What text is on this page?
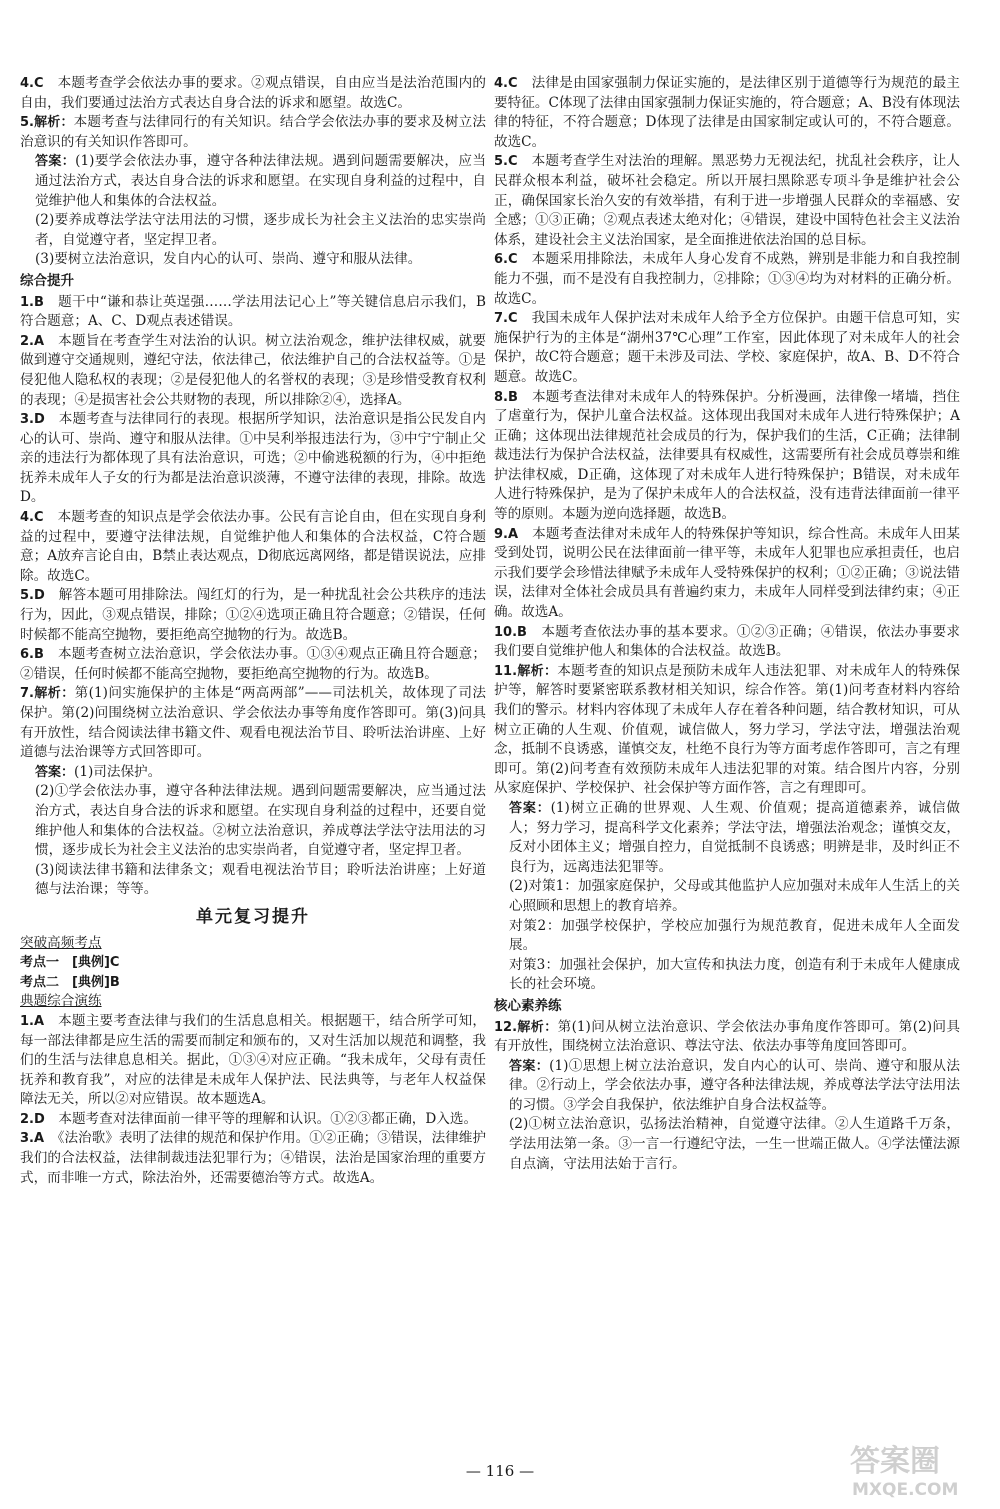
4.C　 本题考查学会依法办事的要求。②观点错误，自由应当是法治范围内的自由，我们要通过法治方式表达自身合法的诉求和愿望。故选C。

5.解析：本题考查与法律同行的有关知识。结合学会依法办事的要求及树立法治意识的有关知识作答即可。

答案：(1)要学会依法办事，遵守各种法律法规。遇到问题需要解决，应当通过法治方式，表达自身合法的诉求和愿望。在实现自身利益的过程中，自觉维护他人和集体的合法权益。

(2)要养成尊法学法守法用法的习惯，逐步成长为社会主义法治的忠实崇尚者，自觉遵守者，坚定捍卫者。

(3)要树立法治意识，发自内心的认可、崇尚、遵守和服从法律。

综合提升

1.B　 题干中“谦和恭让英逞强……学法用法记心上”等关键信息启示我们，B符合题意；A、C、D观点表述错误。

2.A　 本题旨在考查学生对法治的认识。树立法治观念，维护法律权威，就要做到遵守交通规则，遵纪守法，依法律己，依法维护自己的合法权益等。①是侵犯他人隐私权的表现；②是侵犯他人的名誉权的表现；③是珍惜受教育权利的表现；④是损害社会公共财物的表现，所以排除②④，选择A。

3.D　 本题考查与法律同行的表现。根据所学知识，法治意识是指公民发自内心的认可、崇尚、遵守和服从法律。①中吴利举报违法行为，③中宁宁制止父亲的违法行为都体现了具有法治意识，可选；②中偷逃税额的行为，④中拒绝抚养未成年人子女的行为都是法治意识淡薄，不遵守法律的表现，排除。故选D。

4.C　 本题考查的知识点是学会依法办事。公民有言论自由，但在实现自身利益的过程中，要遵守法律法规，自觉维护他人和集体的合法权益，C符合题意；A放弃言论自由，B禁止表达观点，D彻底远离网络，都是错误说法，应排除。故选C。

5.D　 解答本题可用排除法。闯红灯的行为，是一种扰乱社会公共秩序的违法行为，因此，③观点错误，排除；①②④选项正确且符合题意；②错误，任何时候都不能高空抛物，要拒绝高空抛物的行为。故选B。

6.B　 本题考查树立法治意识，学会依法办事。①③④观点正确且符合题意；②错误，任何时候都不能高空抛物，要拒绝高空抛物的行为。故选B。

7.解析：第(1)问实施保护的主体是“两高两部”——司法机关，故体现了司法保护。第(2)问围绕树立法治意识、学会依法办事等角度作答即可。第(3)问具有开放性，结合阅读法律书籍文件、观看电视法治节目、聆听法治讲座、上好道德与法治课等方式回答即可。

答案：(1)司法保护。

(2)①学会依法办事，遵守各种法律法规。遇到问题需要解决，应当通过法治方式，表达自身合法的诉求和愿望。在实现自身利益的过程中，还要自觉维护他人和集体的合法权益。②树立法治意识，养成尊法学法守法用法的习惯，逐步成长为社会主义法治的忠实崇尚者，自觉遵守者，坚定捍卫者。

(3)阅读法律书籍和法律条文；观看电视法治节目；聆听法治讲座；上好道德与法治课；等等。

单元复习提升

突破高频考点

考点一　[典例]C

考点二　[典例]B

典题综合演练

1.A　 本题主要考查法律与我们的生活息息相关。根据题干，结合所学可知，每一部法律都是应生活的需要而制定和颁布的，又对生活加以规范和调整，我们的生活与法律息息相关。据此，①③④对应正确。“我未成年，父母有责任抚养和教育我”，对应的法律是未成年人保护法、民法典等，与老年人权益保障法无关，所以②对应错误。故本题选A。

2.D　 本题考查对法律面前一律平等的理解和认识。①②③都正确，D入选。

3.A　 《法治歌》表明了法律的规范和保护作用。①②正确；③错误，法律维护我们的合法权益，法律制裁违法犯罪行为；④错误，法治是国家治理的重要方式，而非唯一方式，除法治外，还需要德治等方式。故选A。

4.C　 法律是由国家强制力保证实施的，是法律区别于道德等行为规范的最主要特征。C体现了法律由国家强制力保证实施的，符合题意；A、B没有体现法律的特征，不符合题意；D体现了法律是由国家制定或认可的，不符合题意。故选C。

5.C　 本题考查学生对法治的理解。黑恶势力无视法纪，扰乱社会秩序，让人民群众根本利益，破坏社会稳定。所以开展扫黑除恶专项斗争是维护社会公正，确保国家长治久安的有效举措，有利于进一步增强人民群众的幸福感、安全感；①③正确；②观点表述太绝对化；④错误，建设中国特色社会主义法治体系，建设社会主义法治国家，是全面推进依法治国的总目标。

6.C　 本题采用排除法，未成年人身心发育不成熟，辨别是非能力和自我控制能力不强，而不是没有自我控制力，②排除；①③④均为对材料的正确分析。故选C。

7.C　 我国未成年人保护法对未成年人给予全方位保护。由题干信息可知，实施保护行为的主体是“湖州37℃心理”工作室，因此体现了对未成年人的社会保护，故C符合题意；题干未涉及司法、学校、家庭保护，故A、B、D不符合题意。故选C。

8.B　 本题考查法律对未成年人的特殊保护。分析漫画，法律像一堵墙，挡住了虐童行为，保护儿童合法权益。这体现出我国对未成年人进行特殊保护；A正确；这体现出法律规范社会成员的行为，保护我们的生活，C正确；法律制裁违法行为保护合法权益，法律要具有权威性，这需要所有社会成员尊崇和维护法律权威，D正确，这体现了对未成年人进行特殊保护；B错误，对未成年人进行特殊保护，是为了保护未成年人的合法权益，没有违背法律面前一律平等的原则。本题为逆向选择题，故选B。

9.A　 本题考查法律对未成年人的特殊保护等知识，综合性高。未成年人田某受到处罚，说明公民在法律面前一律平等，未成年人犯罪也应承担责任，也启示我们要学会珍惜法律赋予未成年人受特殊保护的权利；①②正确；③说法错误，法律对全体社会成员具有普遍约束力，未成年人同样受到法律约束；④正确。故选A。

10.B　 本题考查依法办事的基本要求。①②③正确；④错误，依法办事要求我们要自觉维护他人和集体的合法权益。故选B。

11.解析：本题考查的知识点是预防未成年人违法犯罪、对未成年人的特殊保护等，解答时要紧密联系教材相关知识，综合作答。第(1)问考查材料内容给我们的警示。材料内容体现了未成年人存在着各种问题，结合教材知识，可从树立正确的人生观、价值观，诚信做人，努力学习，学法守法，增强法治观念，抵制不良诱惑，谨慎交友，杜绝不良行为等方面考虑作答即可，言之有理即可。第(2)问考查有效预防未成年人违法犯罪的对策。结合图片内容，分别从家庭保护、学校保护、社会保护等方面作答，言之有理即可。

答案：(1)树立正确的世界观、人生观、价值观；提高道德素养，诚信做人；努力学习，提高科学文化素养；学法守法，增强法治观念；谨慎交友，反对小团体主义；增强自控力，自觉抵制不良诱惑；明辨是非，及时纠正不良行为，远离违法犯罪等。

(2)对策1：加强家庭保护，父母或其他监护人应加强对未成年人生活上的关心照顾和思想上的教育培养。

对策2：加强学校保护，学校应加强行为规范教育，促进未成年人全面发展。

对策3：加强社会保护，加大宣传和执法力度，创造有利于未成年人健康成长的社会环境。

核心素养练

12.解析：第(1)问从树立法治意识、学会依法办事角度作答即可。第(2)问具有开放性，围绕树立法治意识、尊法守法、依法办事等角度回答即可。

答案：(1)①思想上树立法治意识，发自内心的认可、崇尚、遵守和服从法律。②行动上，学会依法办事，遵守各种法律法规，养成尊法学法守法用法的习惯。③学会自我保护，依法维护自身合法权益等。

(2)①树立法治意识，弘扬法治精神，自觉遵守法律。②人生道路千万条，学法用法第一条。③一言一行遵纪守法，一生一世端正做人。④学法懂法源自点滴，守法用法始于言行。

— 116 —	答案圈
MXQE.COM
